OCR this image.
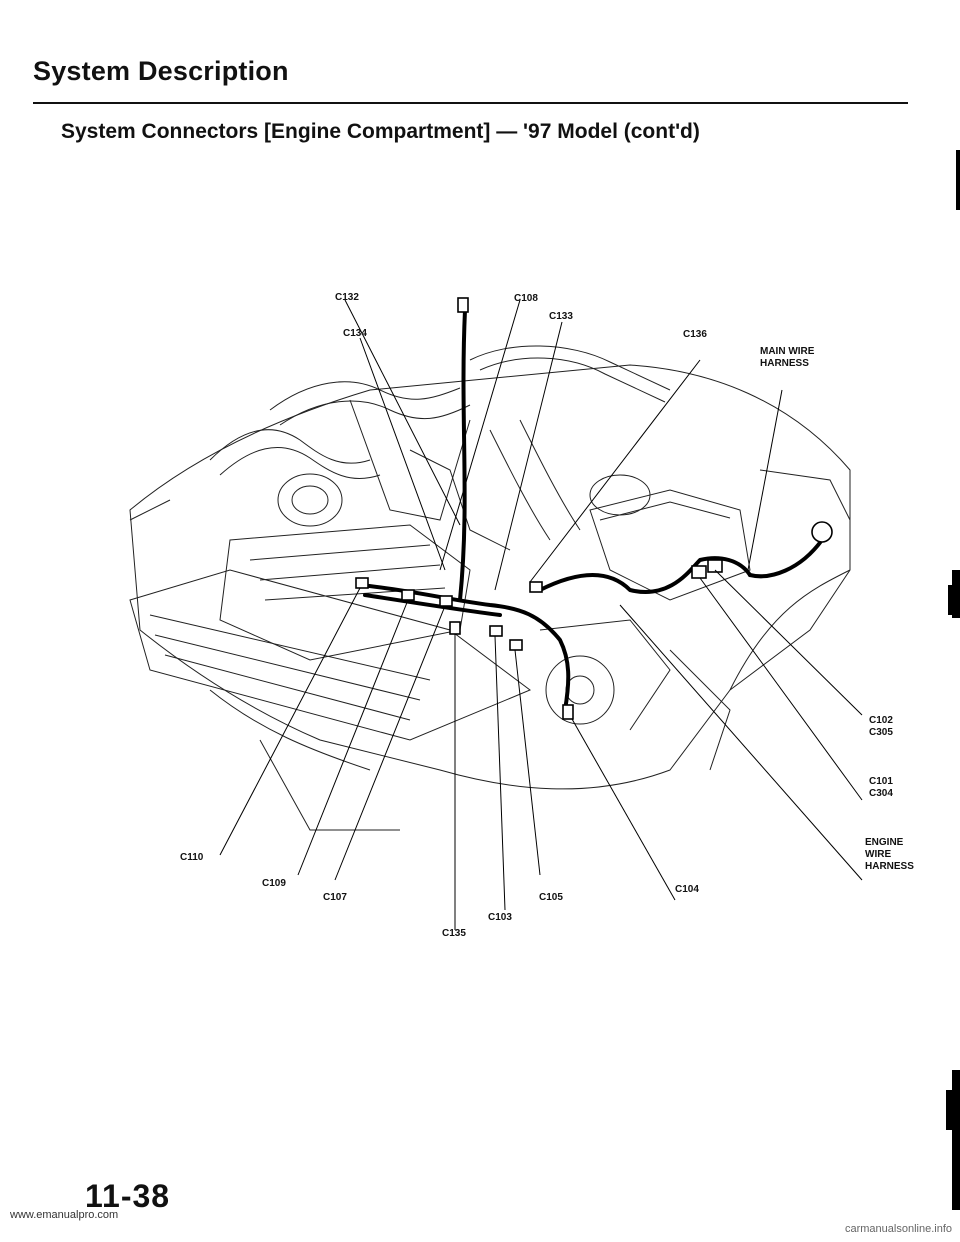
System Description
System Connectors [Engine Compartment] — '97 Model (cont'd)
C132	C108
C133
C134	C136
MAIN WIRE
HARNESS
C102
C305
C101
C304
ENGINE
WIRE
HARNESS
C110
C109
C104
C107	C105
C103
C135
11-38
www.emanualpro.com
carmanualsonline.info
